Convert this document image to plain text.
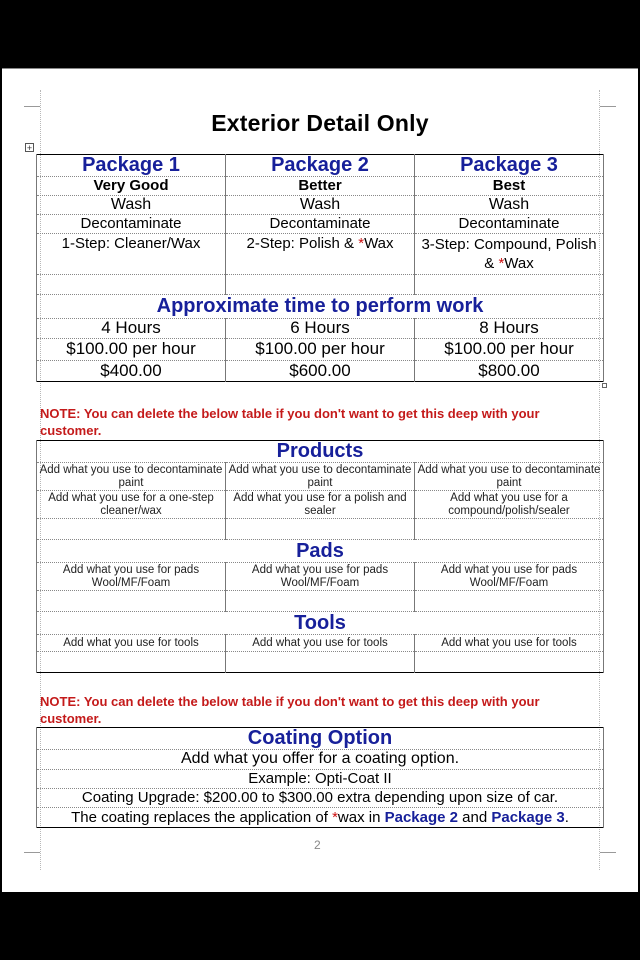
Exterior Detail Only
+
Package 1	Package 2	Package 3
Very Good	Better	Best
Wash	Wash	Wash
Decontaminate	Decontaminate	Decontaminate
1-Step: Cleaner/Wax	2-Step: Polish & *Wax	3-Step: Compound, Polish & *Wax

Approximate time to perform work		
4 Hours	6 Hours	8 Hours
$100.00 per hour	$100.00 per hour	$100.00 per hour
$400.00	$600.00	$800.00
NOTE: You can delete the below table if you don't want to get this deep with your customer.
Products		
Add what you use to decontaminate paint	Add what you use to decontaminate paint	Add what you use to decontaminate paint
Add what you use for a one-step cleaner/wax	Add what you use for a polish and sealer	Add what you use for a compound/polish/sealer

Pads		
Add what you use for pads Wool/MF/Foam	Add what you use for pads Wool/MF/Foam	Add what you use for pads Wool/MF/Foam

Tools		
Add what you use for tools	Add what you use for tools	Add what you use for tools

NOTE: You can delete the below table if you don't want to get this deep with your customer.
Coating Option
Add what you offer for a coating option.
Example: Opti-Coat II
Coating Upgrade: $200.00 to $300.00 extra depending upon size of car.
The coating replaces the application of *wax in Package 2 and Package 3.
2
